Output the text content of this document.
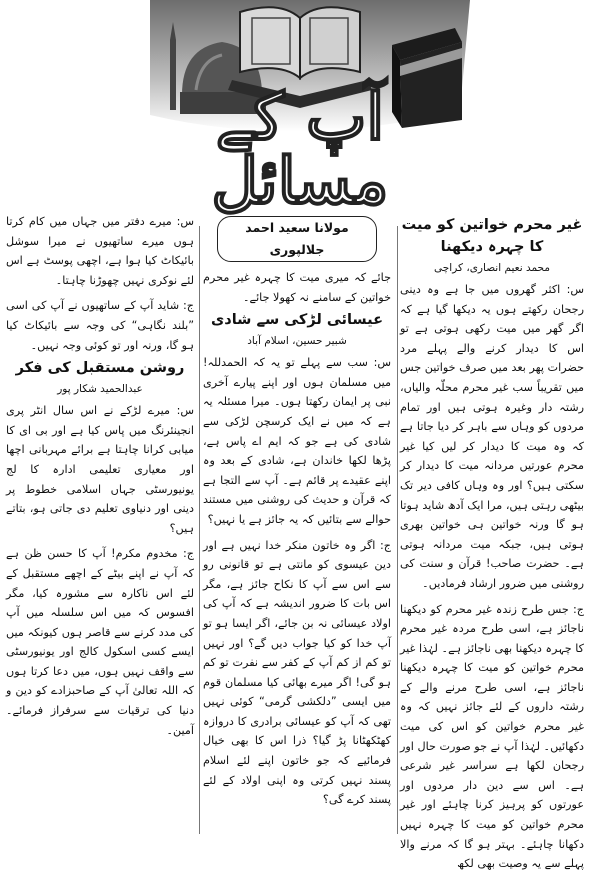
آپ کے مسائل
غیر محرم خواتین کو میت کا چہرہ دیکھنا
محمد نعیم انصاری، کراچی

س: اکثر گھروں میں جا ہے وہ دینی رجحان رکھتے ہوں یہ دیکھا گیا ہے کہ اگر گھر میں میت رکھی ہوتی ہے تو اس کا دیدار کرنے والے پہلے مرد حضرات پھر بعد میں صرف خواتین جس میں تقریباً سب غیر محرم محلّہ والیاں، رشتہ دار وغیرہ ہوتی ہیں اور تمام مردوں کو وہاں سے باہر کر دیا جاتا ہے کہ وہ میت کا دیدار کر لیں کیا غیر محرم عورتیں مردانہ میت کا دیدار کر سکتی ہیں؟ اور وہ وہاں کافی دیر تک بیٹھی رہتی ہیں، مرا ایک آدھ شاید ہوتا ہو گا ورنہ خواتین ہی خواتین بھری ہوتی ہیں، جبکہ میت مردانہ ہوتی ہے۔ حضرت صاحب! قرآن و سنت کی روشنی میں ضرور ارشاد فرمادیں۔

ج: جس طرح زندہ غیر محرم کو دیکھنا ناجائز ہے، اسی طرح مردہ غیر محرم کا چہرہ دیکھنا بھی ناجائز ہے۔ لہٰذا غیر محرم خواتین کو میت کا چہرہ دیکھنا ناجائز ہے، اسی طرح مرنے والے کے رشتہ داروں کے لئے جائز نہیں کہ وہ غیر محرم خواتین کو اس کی میت دکھائیں۔ لہٰذا آپ نے جو صورت حال اور رجحان لکھا ہے سراسر غیر شرعی ہے۔ اس سے دین دار مردوں اور عورتوں کو پرہیز کرنا چاہئے اور غیر محرم خواتین کو میت کا چہرہ نہیں دکھانا چاہئے۔ بہتر ہو گا کہ مرنے والا پہلے سے یہ وصیت بھی لکھ

مولانا سعید احمد جلالپوری

جائے کہ میری میت کا چہرہ غیر محرم خواتین کے سامنے نہ کھولا جائے۔

عیسائی لڑکی سے شادی
شبیر حسین، اسلام آباد

س: سب سے پہلے تو یہ کہ الحمدللہ! میں مسلمان ہوں اور اپنے پیارے آخری نبی پر ایمان رکھتا ہوں۔ میرا مسئلہ یہ ہے کہ میں نے ایک کرسچن لڑکی سے شادی کی ہے جو کہ ایم اے پاس ہے، پڑھا لکھا خاندان ہے، شادی کے بعد وہ اپنے عقیدے پر قائم ہے۔ آپ سے التجا ہے کہ قرآن و حدیث کی روشنی میں مستند حوالے سے بتائیں کہ یہ جائز ہے یا نہیں؟

ج: اگر وہ خاتون منکر خدا نہیں ہے اور دین عیسوی کو مانتی ہے تو قانونی رو سے اس سے آپ کا نکاح جائز ہے، مگر اس بات کا ضرور اندیشہ ہے کہ آپ کی اولاد عیسائی نہ بن جائے، اگر ایسا ہو تو آپ خدا کو کیا جواب دیں گے؟ اور نہیں تو کم از کم آپ کے کفر سے نفرت تو کم ہو گی! اگر میرے بھائی کیا مسلمان قوم میں ایسی ”دلکشی گرمی“ کوئی نہیں تھی کہ آپ کو عیسائی برادری کا دروازہ کھٹکھٹانا پڑ گیا؟ ذرا اس کا بھی خیال فرمائیے کہ جو خاتون اپنے لئے اسلام پسند نہیں کرتی وہ اپنی اولاد کے لئے پسند کرے گی؟

س: میرے دفتر میں جہاں میں کام کرتا ہوں میرے ساتھیوں نے میرا سوشل بائیکاٹ کیا ہوا ہے، اچھی پوسٹ ہے اس لئے نوکری نہیں چھوڑنا چاہتا۔

ج: شاید آپ کے ساتھیوں نے آپ کی اسی ”بلند نگاہی“ کی وجہ سے بائیکاٹ کیا ہو گا، ورنہ اور تو کوئی وجہ نہیں۔

روشن مستقبل کی فکر
عبدالحمید شکار پور

س: میرے لڑکے نے اس سال انٹر پری انجینئرنگ میں پاس کیا ہے اور بی ای کا میابی کرانا چاہتا ہے برائے مہربانی اچھا اور معیاری تعلیمی ادارہ کا لج یونیورسٹی جہاں اسلامی خطوط پر دینی اور دنیاوی تعلیم دی جاتی ہو، بتاتے ہیں؟

ج: مخدوم مکرم! آپ کا حسن ظن ہے کہ آپ نے اپنے بیٹے کے اچھے مستقبل کے لئے اس ناکارہ سے مشورہ کیا، مگر افسوس کہ میں اس سلسلہ میں آپ کی مدد کرنے سے قاصر ہوں کیونکہ میں ایسے کسی اسکول کالج اور یونیورسٹی سے واقف نہیں ہوں، میں دعا کرتا ہوں کہ اللہ تعالیٰ آپ کے صاحبزادے کو دین و دنیا کی ترقیات سے سرفراز فرمائے۔ آمین۔
